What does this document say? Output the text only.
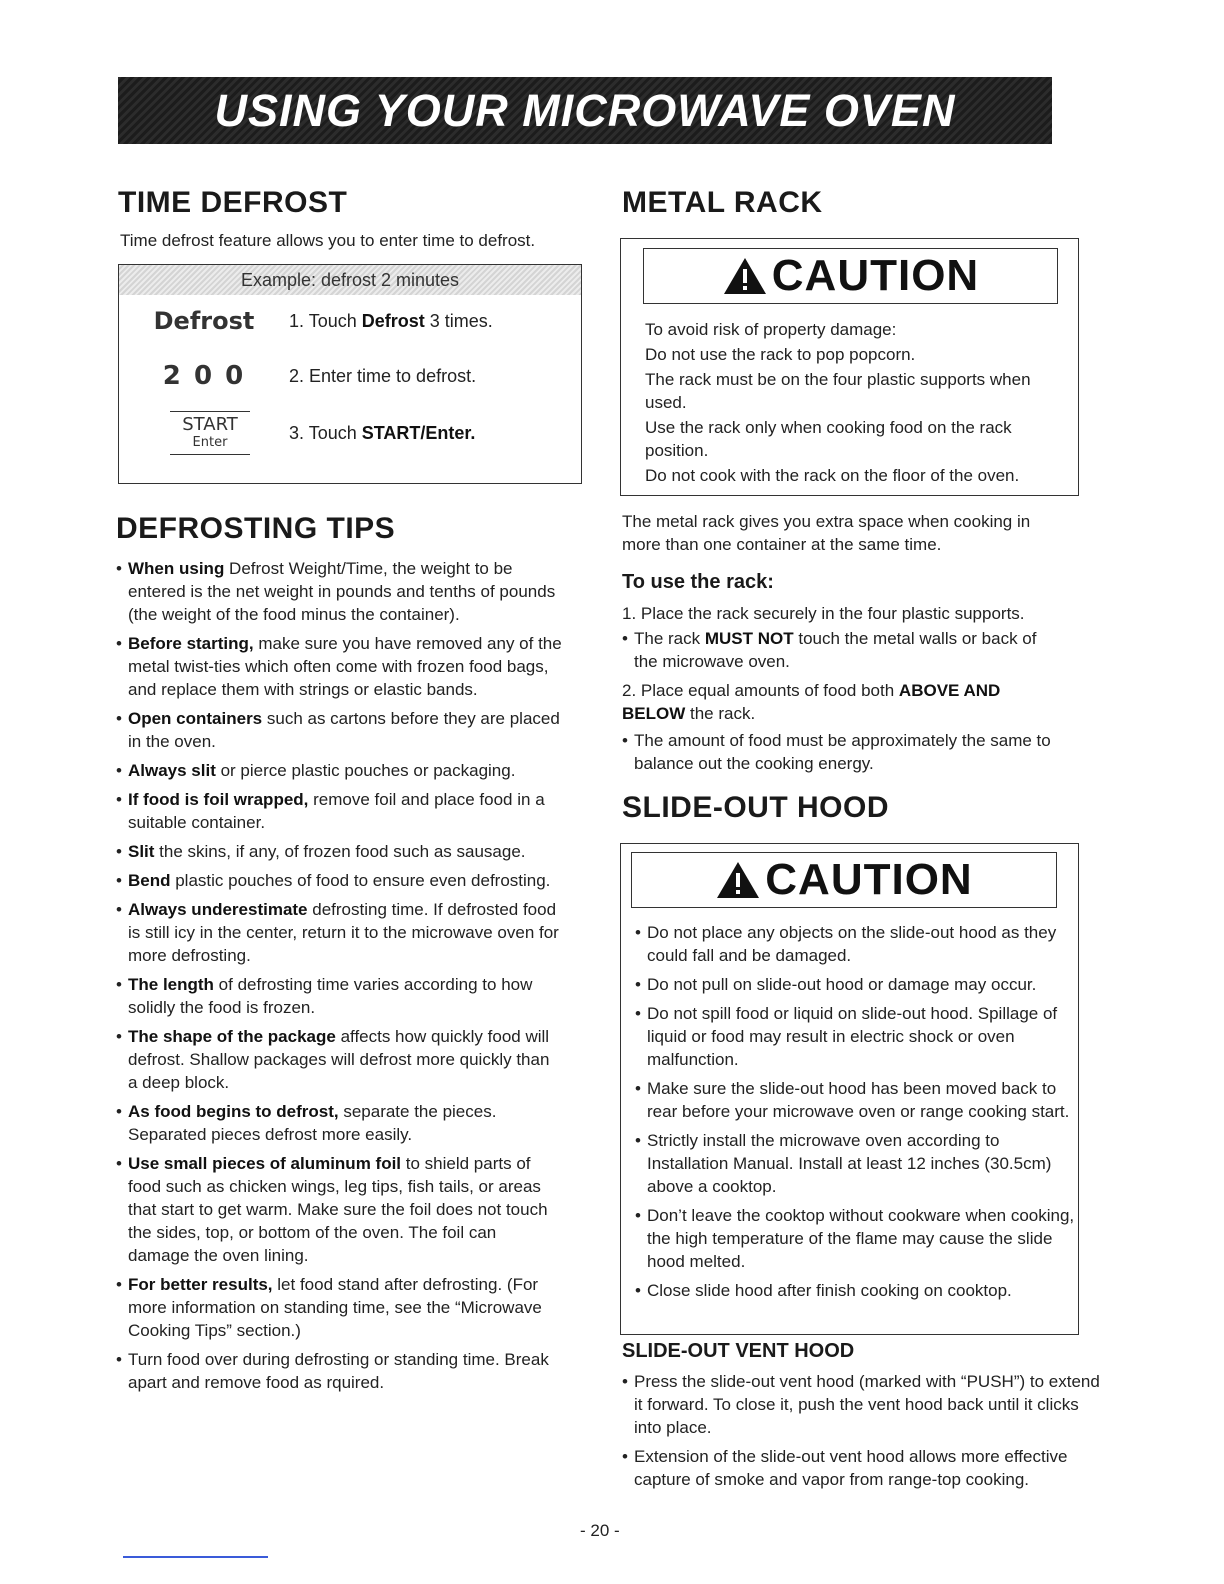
USING YOUR MICROWAVE OVEN
TIME DEFROST

Time defrost feature allows you to enter time to defrost.

Example: defrost 2 minutes
Defrost	1. Touch Defrost 3 times.
2 0 0	2. Enter time to defrost.
START
Enter	3. Touch START/Enter.
DEFROSTING TIPS
• When using Defrost Weight/Time, the weight to be entered is the net weight in pounds and tenths of pounds (the weight of the food minus the container).
• Before starting, make sure you have removed any of the metal twist-ties which often come with frozen food bags, and replace them with strings or elastic bands.
• Open containers such as cartons before they are placed in the oven.
• Always slit or pierce plastic pouches or packaging.
• If food is foil wrapped, remove foil and place food in a suitable container.
• Slit the skins, if any, of frozen food such as sausage.
• Bend plastic pouches of food to ensure even defrosting.
• Always underestimate defrosting time. If defrosted food is still icy in the center, return it to the microwave oven for more defrosting.
• The length of defrosting time varies according to how solidly the food is frozen.
• The shape of the package affects how quickly food will defrost. Shallow packages will defrost more quickly than a deep block.
• As food begins to defrost, separate the pieces. Separated pieces defrost more easily.
• Use small pieces of aluminum foil to shield parts of food such as chicken wings, leg tips, fish tails, or areas that start to get warm. Make sure the foil does not touch the sides, top, or bottom of the oven. The foil can damage the oven lining.
• For better results, let food stand after defrosting. (For more information on standing time, see the “Microwave Cooking Tips” section.)
• Turn food over during defrosting or standing time. Break apart and remove food as rquired.
METAL RACK
CAUTION
To avoid risk of property damage:
Do not use the rack to pop popcorn.
The rack must be on the four plastic supports when used.
Use the rack only when cooking food on the rack position.
Do not cook with the rack on the floor of the oven.

The metal rack gives you extra space when cooking in more than one container at the same time.

To use the rack:

1. Place the rack securely in the four plastic supports.

• The rack MUST NOT touch the metal walls or back of the microwave oven.

2. Place equal amounts of food both ABOVE AND BELOW the rack.

• The amount of food must be approximately the same to balance out the cooking energy.
SLIDE-OUT HOOD
CAUTION
• Do not place any objects on the slide-out hood as they could fall and be damaged.
• Do not pull on slide-out hood or damage may occur.
• Do not spill food or liquid on slide-out hood. Spillage of liquid or food may result in electric shock or oven malfunction.
• Make sure the slide-out hood has been moved back to rear before your microwave oven or range cooking start.
• Strictly install the microwave oven according to Installation Manual. Install at least 12 inches (30.5cm) above a cooktop.
• Don’t leave the cooktop without cookware when cooking, the high temperature of the flame may cause the slide hood melted.
• Close slide hood after finish cooking on cooktop.
SLIDE-OUT VENT HOOD
• Press the slide-out vent hood (marked with “PUSH”) to extend it forward. To close it, push the vent hood back until it clicks into place.
• Extension of the slide-out vent hood allows more effective capture of smoke and vapor from range-top cooking.
- 20 -
